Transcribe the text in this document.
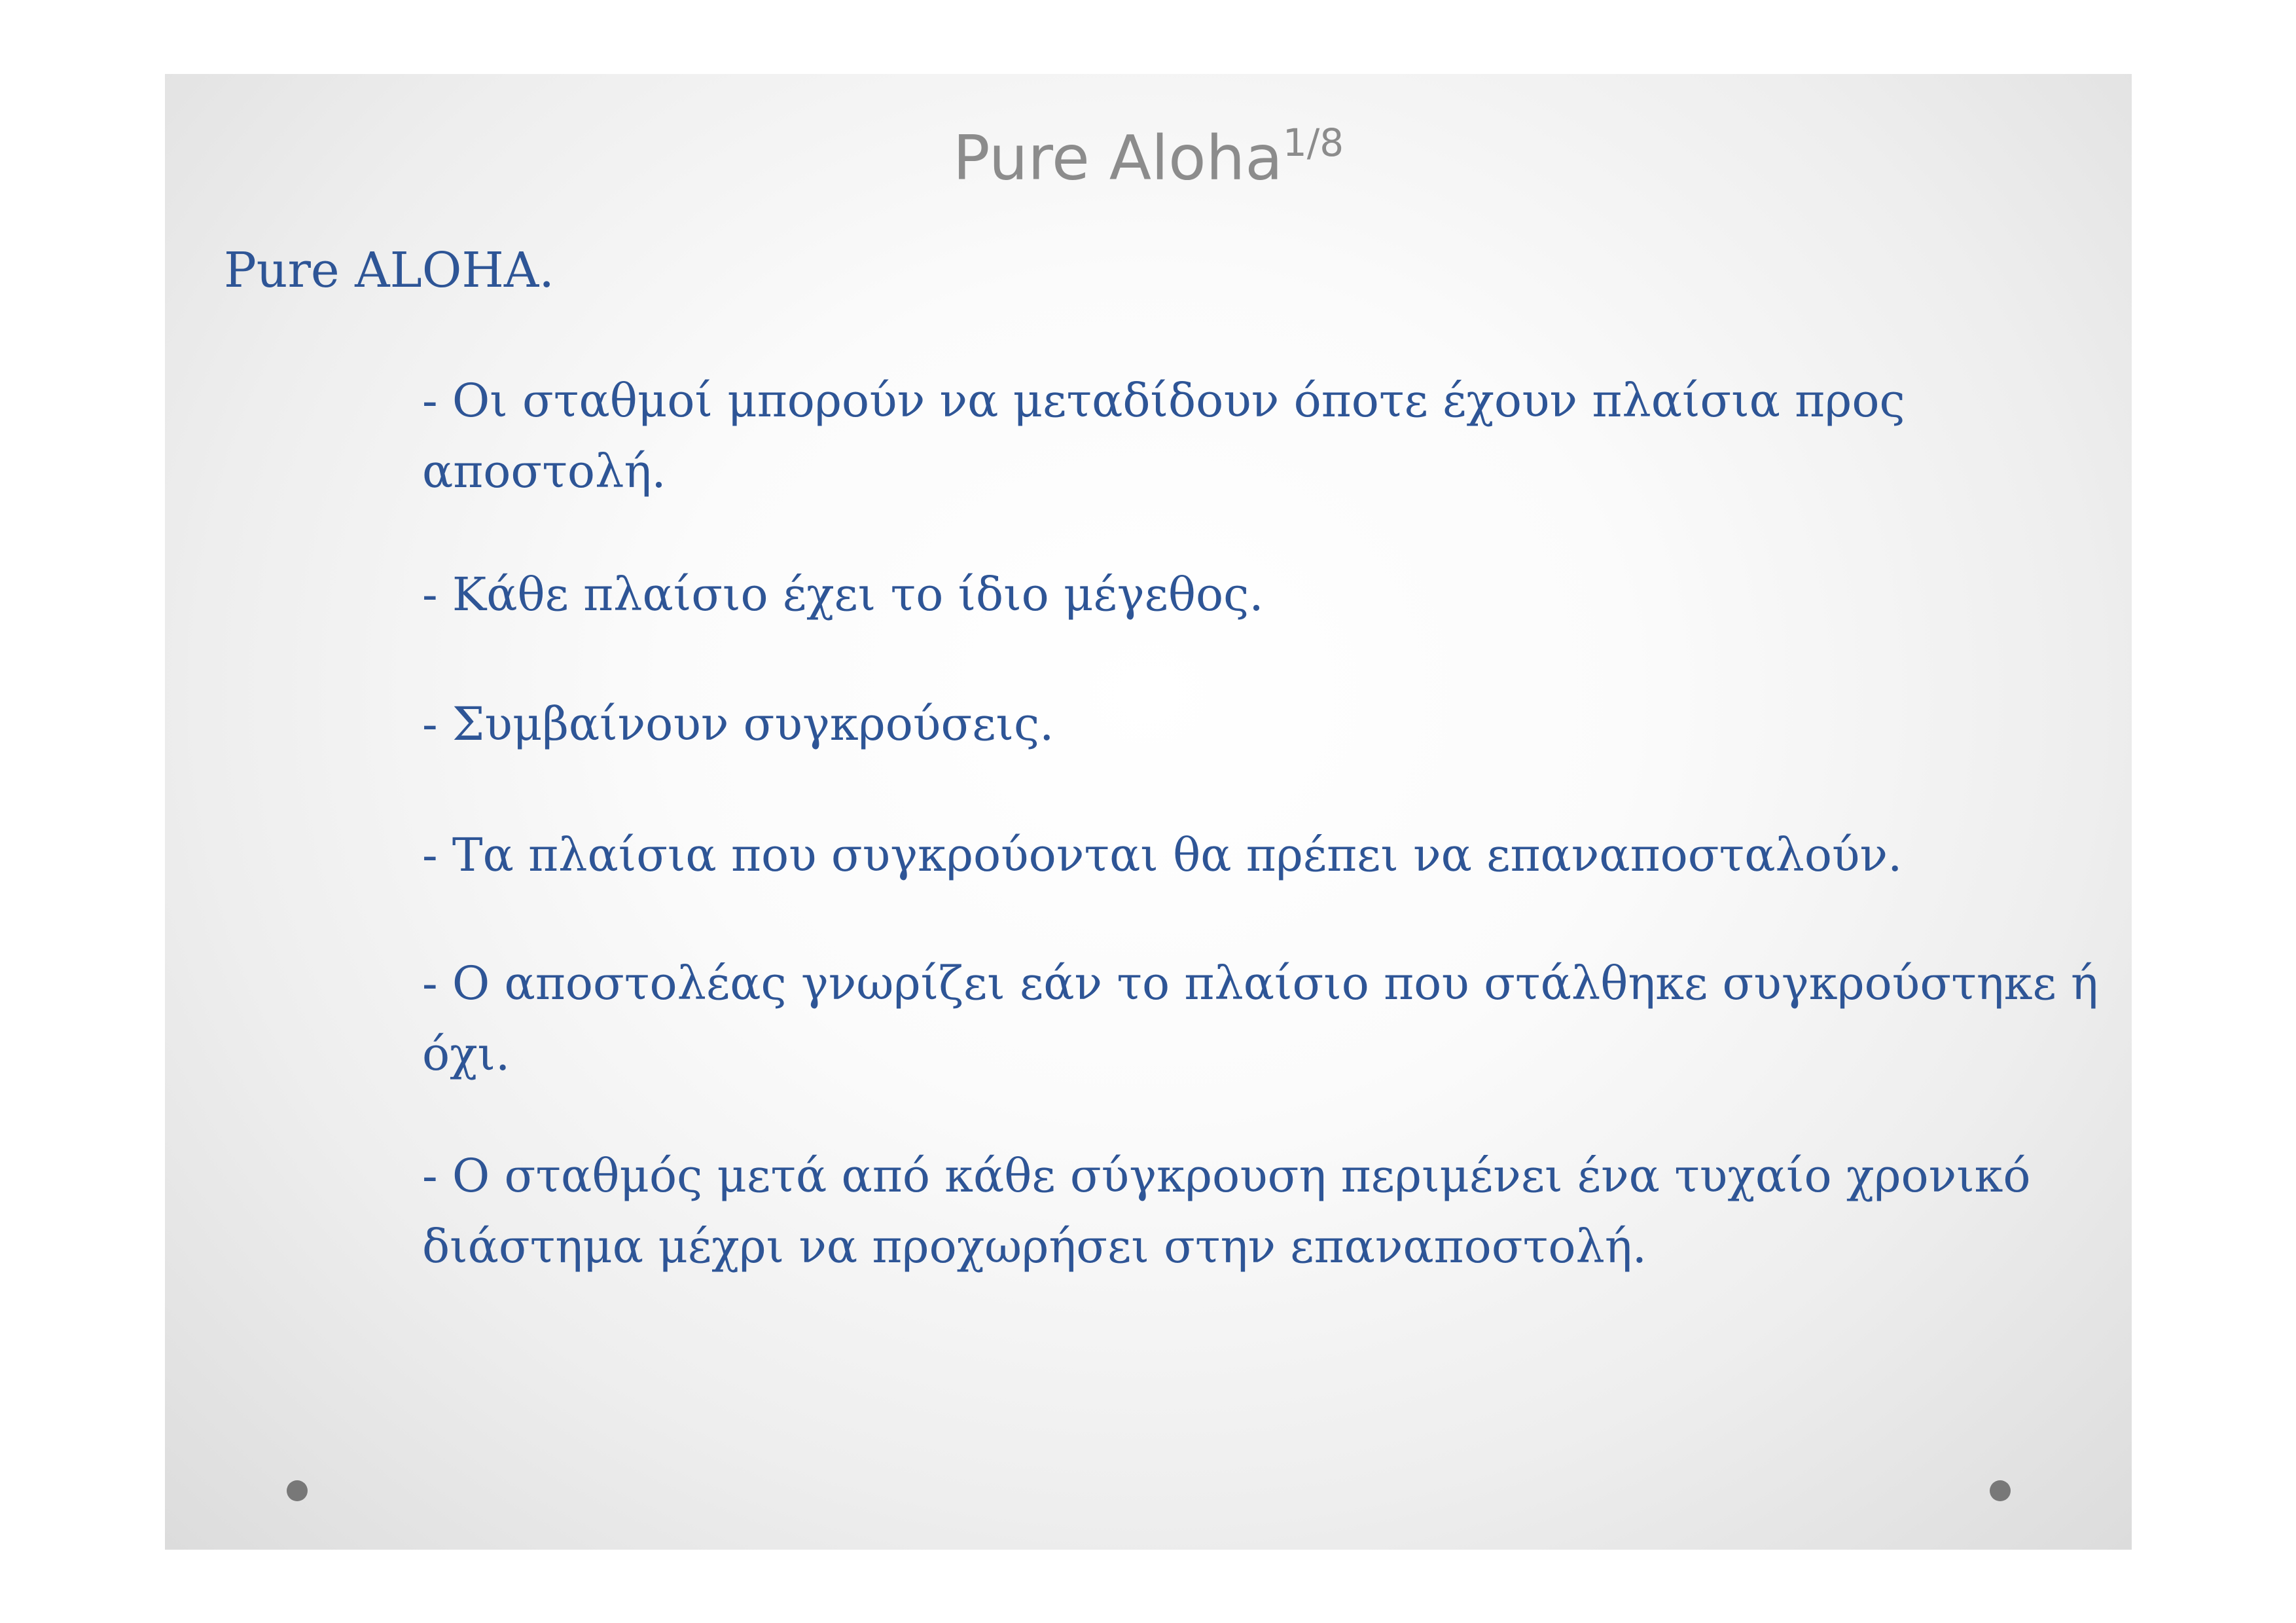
Pure Aloha$^{1/8}$

Pure ALOHA.

- Οι σταθμοί μπορούν να μεταδίδουν όποτε έχουν πλαίσια προς αποστολή.
- Κάθε πλαίσιο έχει το ίδιο μέγεθος.
- Συμβαίνουν συγκρούσεις.
- Τα πλαίσια που συγκρούονται θα πρέπει να επαναποσταλούν.
- Ο αποστολέας γνωρίζει εάν το πλαίσιο που στάλθηκε συγκρούστηκε ή όχι.
- Ο σταθμός μετά από κάθε σύγκρουση περιμένει ένα τυχαίο χρονικό διάστημα μέχρι να προχωρήσει στην επαναποστολή.
